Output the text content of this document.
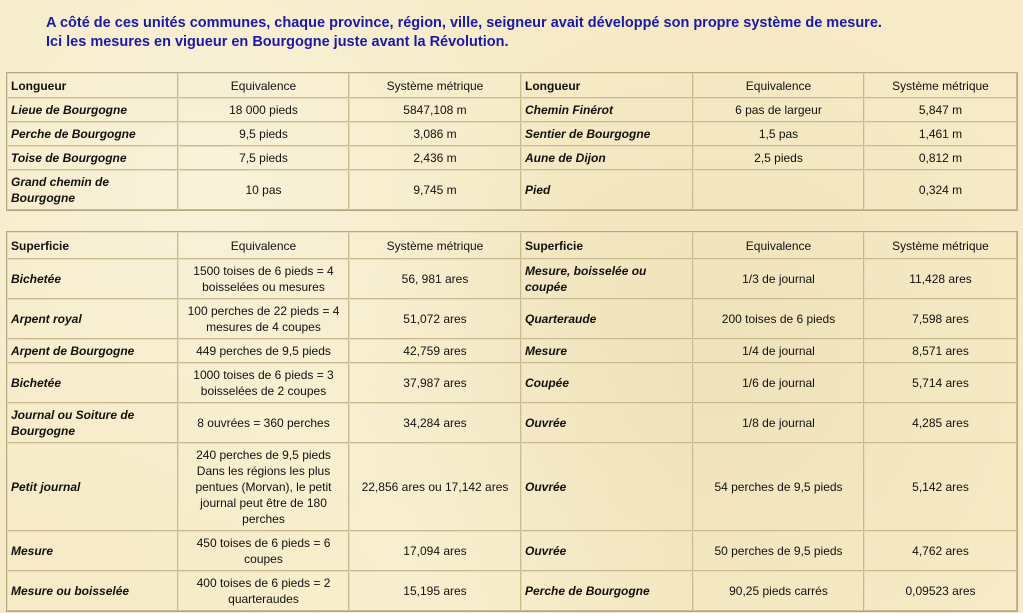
A côté de ces unités communes, chaque province, région, ville, seigneur avait développé son propre système de mesure.

Ici les mesures en vigueur en Bourgogne juste avant la Révolution.

Longueur	Equivalence	Système métrique	Longueur	Equivalence	Système métrique
Lieue de Bourgogne	18 000 pieds	5847,108 m	Chemin Finérot	6 pas de largeur	5,847 m
Perche de Bourgogne	9,5 pieds	3,086 m	Sentier de Bourgogne	1,5 pas	1,461 m
Toise de Bourgogne	7,5 pieds	2,436 m	Aune de Dijon	2,5 pieds	0,812 m
Grand chemin de Bourgogne	10 pas	9,745 m	Pied		0,324 m
Superficie	Equivalence	Système métrique	Superficie	Equivalence	Système métrique
Bichetée	1500 toises de 6 pieds = 4 boisselées ou mesures	56, 981 ares	Mesure, boisselée ou coupée	1/3 de journal	11,428 ares
Arpent royal	100 perches de 22 pieds = 4 mesures de 4 coupes	51,072 ares	Quarteraude	200 toises de 6 pieds	7,598 ares
Arpent de Bourgogne	449 perches de 9,5 pieds	42,759 ares	Mesure	1/4 de journal	8,571 ares
Bichetée	1000 toises de 6 pieds = 3 boisselées de 2 coupes	37,987 ares	Coupée	1/6 de journal	5,714 ares
Journal ou Soiture de Bourgogne	8 ouvrées = 360 perches	34,284 ares	Ouvrée	1/8 de journal	4,285 ares
Petit journal	240 perches de 9,5 pieds Dans les régions les plus pentues (Morvan), le petit journal peut être de 180 perches	22,856 ares ou 17,142 ares	Ouvrée	54 perches de 9,5 pieds	5,142 ares
Mesure	450 toises de 6 pieds = 6 coupes	17,094 ares	Ouvrée	50 perches de 9,5 pieds	4,762 ares
Mesure ou boisselée	400 toises de 6 pieds = 2 quarteraudes	15,195 ares	Perche de Bourgogne	90,25 pieds carrés	0,09523 ares
